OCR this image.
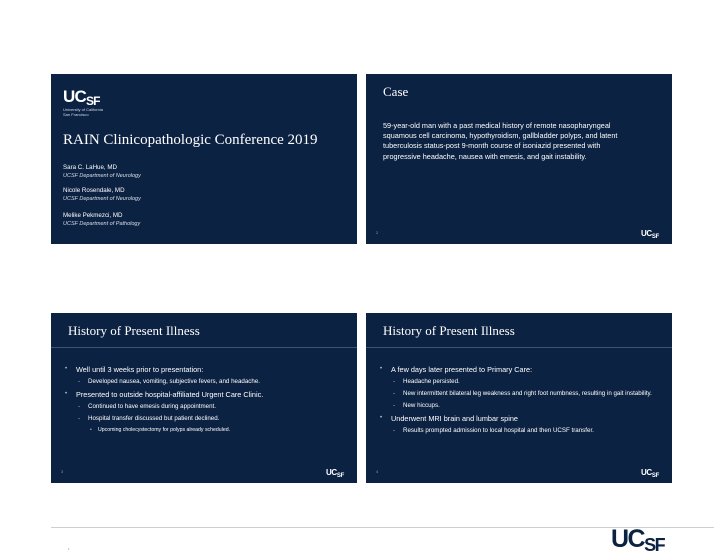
UCSF
University of California
San Francisco
RAIN Clinicopathologic Conference 2019
Sara C. LaHue, MD
UCSF Department of Neurology
Nicole Rosendale, MD
UCSF Department of Neurology
Melike Pekmezci, MD
UCSF Department of Pathology
Case
59-year-old man with a past medical history of remote nasopharyngeal squamous cell carcinoma, hypothyroidism, gallbladder polyps, and latent tuberculosis status-post 9-month course of isoniazid presented with progressive headache, nausea with emesis, and gait instability.
2	$UC_{SF}$
History of Present Illness
• Well until 3 weeks prior to presentation:
- Developed nausea, vomiting, subjective fevers, and headache.
• Presented to outside hospital-affiliated Urgent Care Clinic.
- Continued to have emesis during appointment.
- Hospital transfer discussed but patient declined.
• Upcoming cholecystectomy for polyps already scheduled.
3	$UC_{SF}$
History of Present Illness
• A few days later presented to Primary Care:
- Headache persisted.
- New intermittent bilateral leg weakness and right foot numbness, resulting in gait instability.
- New hiccups.
• Underwent MRI brain and lumbar spine
- Results prompted admission to local hospital and then UCSF transfer.
4	$UC_{SF}$
UCSF
1
